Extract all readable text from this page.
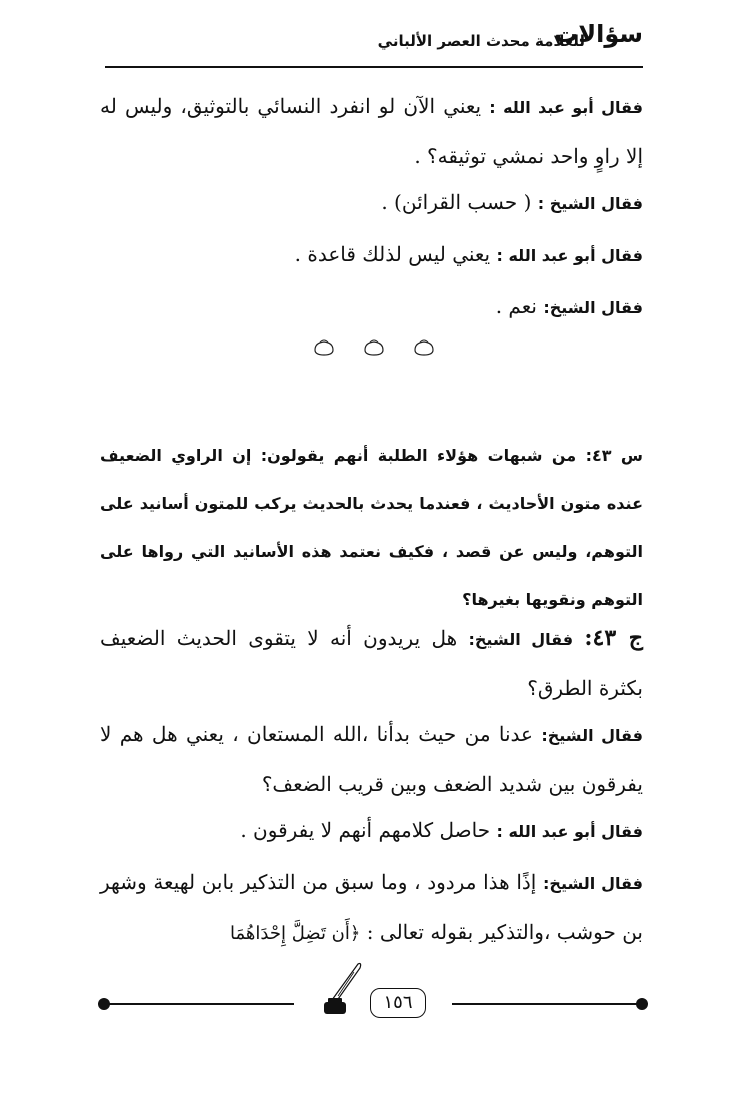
سؤالات
للعلامة محدث العصر الألباني
فقال أبو عبد الله : يعني الآن لو انفرد النسائي بالتوثيق، وليس له إلا راوٍ واحد نمشي توثيقه؟ .
فقال الشيخ : ( حسب القرائن) .
فقال أبو عبد الله : يعني ليس لذلك قاعدة .
فقال الشيخ: نعم .
س ٤٣: من شبهات هؤلاء الطلبة أنهم يقولون: إن الراوي الضعيف عنده متون الأحاديث ، فعندما يحدث بالحديث يركب للمتون أسانيد على التوهم، وليس عن قصد ، فكيف نعتمد هذه الأسانيد التي رواها على التوهم ونقويها بغيرها؟
ج ٤٣: فقال الشيخ: هل يريدون أنه لا يتقوى الحديث الضعيف بكثرة الطرق؟
فقال الشيخ: عدنا من حيث بدأنا ،الله المستعان ، يعني هل هم لا يفرقون بين شديد الضعف وبين قريب الضعف؟
فقال أبو عبد الله : حاصل كلامهم أنهم لا يفرقون .
فقال الشيخ: إذًا هذا مردود ، وما سبق من التذكير بابن لهيعة وشهر بن حوشب ،والتذكير بقوله تعالى : ﴿أَن تَضِلَّ إِحْدَاهُمَا
١٥٦
